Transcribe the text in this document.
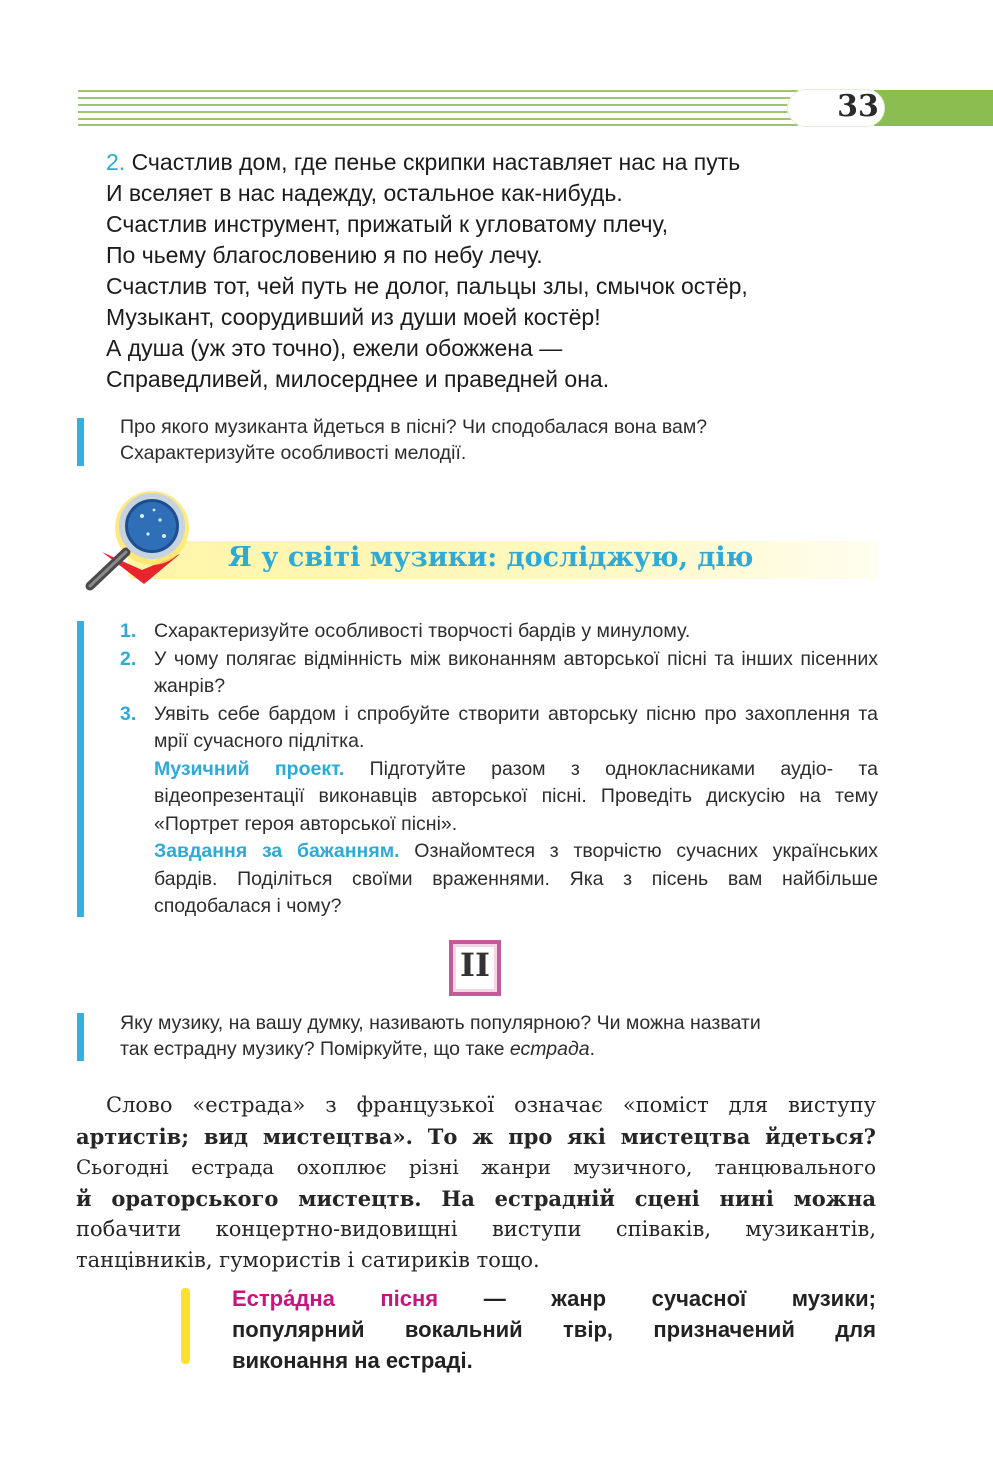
33
2. Счастлив дом, где пенье скрипки наставляет нас на путь
И вселяет в нас надежду, остальное как-нибудь.
Счастлив инструмент, прижатый к угловатому плечу,
По чьему благословению я по небу лечу.
Счастлив тот, чей путь не долог, пальцы злы, смычок остёр,
Музыкант, соорудивший из души моей костёр!
А душа (уж это точно), ежели обожжена —
Справедливей, милосерднее и праведней она.
Про якого музиканта йдеться в пісні? Чи сподобалася вона вам?
Схарактеризуйте особливості мелодії.
Я у світі музики: досліджую, дію
1. Схарактеризуйте особливості творчості бардів у минулому.
2. У чому полягає відмінність між виконанням авторської пісні та інших пісенних жанрів?
3. Уявіть себе бардом і спробуйте створити авторську пісню про захоплення та мрії сучасного підлітка.
Музичний проект. Підготуйте разом з однокласниками аудіо- та відеопрезентації виконавців авторської пісні. Проведіть дискусію на тему «Портрет героя авторської пісні».
Завдання за бажанням. Ознайомтеся з творчістю сучасних українських бардів. Поділіться своїми враженнями. Яка з пісень вам найбільше сподобалася і чому?
II
Яку музику, на вашу думку, називають популярною? Чи можна назвати
так естрадну музику? Поміркуйте, що таке естрада.
Слово «естрада» з французької означає «поміст для виступу
артистів; вид мистецтва». То ж про які мистецтва йдеться?
Сьогодні естрада охоплює різні жанри музичного, танцювального
й ораторського мистецтв. На естрадній сцені нині можна
побачити концертно-видовищні виступи співаків, музикантів,
танцівників, гумористів і сатириків тощо.
Естра́дна пісня — жанр сучасної музики;
популярний вокальний твір, призначений для
виконання на естраді.
